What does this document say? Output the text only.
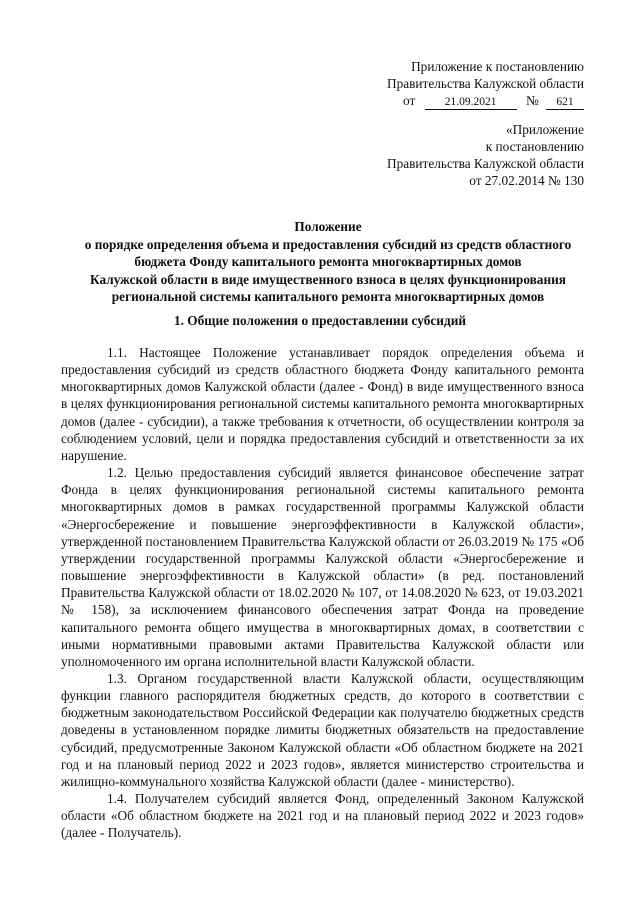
Приложение к постановлению
Правительства Калужской области
от	21.09.2021 № 621
«Приложение
к постановлению
Правительства Калужской области
от 27.02.2014 № 130
Положение
о порядке определения объема и предоставления субсидий из средств областного
бюджета Фонду капитального ремонта многоквартирных домов
Калужской области в виде имущественного взноса в целях функционирования
региональной системы капитального ремонта многоквартирных домов
1. Общие положения о предоставлении субсидий

1.1. Настоящее Положение устанавливает порядок определения объема и предоставления субсидий из средств областного бюджета Фонду капитального ремонта многоквартирных домов Калужской области (далее - Фонд) в виде имущественного взноса в целях функционирования региональной системы капитального ремонта многоквартирных домов (далее - субсидии), а также требования к отчетности, об осуществлении контроля за соблюдением условий, цели и порядка предоставления субсидий и ответственности за их нарушение.

1.2. Целью предоставления субсидий является финансовое обеспечение затрат Фонда в целях функционирования региональной системы капитального ремонта многоквартирных домов в рамках государственной программы Калужской области «Энергосбережение и повышение энергоэффективности в Калужской области», утвержденной постановлением Правительства Калужской области от 26.03.2019 № 175 «Об утверждении государственной программы Калужской области «Энергосбережение и повышение энергоэффективности в Калужской области» (в ред. постановлений Правительства Калужской области от 18.02.2020 № 107, от 14.08.2020 № 623, от 19.03.2021 № 158), за исключением финансового обеспечения затрат Фонда на проведение капитального ремонта общего имущества в многоквартирных домах, в соответствии с иными нормативными правовыми актами Правительства Калужской области или уполномоченного им органа исполнительной власти Калужской области.

1.3. Органом государственной власти Калужской области, осуществляющим функции главного распорядителя бюджетных средств, до которого в соответствии с бюджетным законодательством Российской Федерации как получателю бюджетных средств доведены в установленном порядке лимиты бюджетных обязательств на предоставление субсидий, предусмотренные Законом Калужской области «Об областном бюджете на 2021 год и на плановый период 2022 и 2023 годов», является министерство строительства и жилищно-коммунального хозяйства Калужской области (далее - министерство).

1.4. Получателем субсидий является Фонд, определенный Законом Калужской области «Об областном бюджете на 2021 год и на плановый период 2022 и 2023 годов» (далее - Получатель).
